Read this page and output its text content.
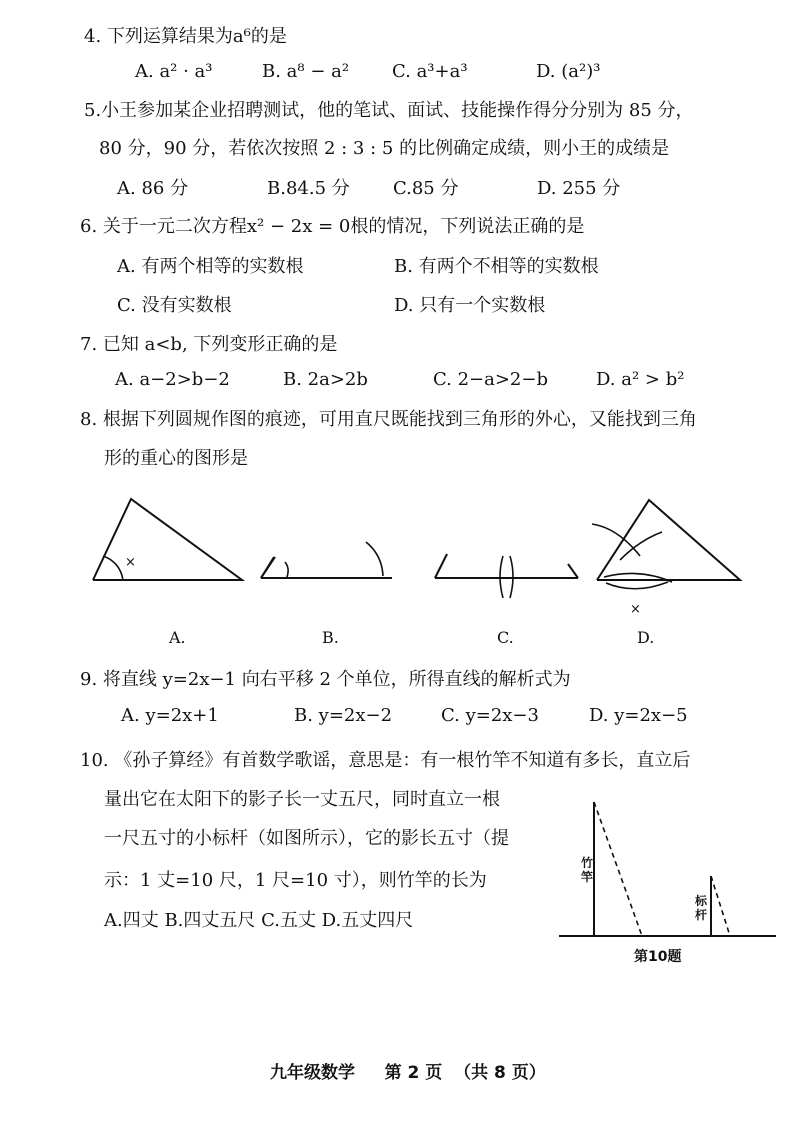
4. 下列运算结果为a⁶的是
A. a² · a³	B. a⁸ − a² C. a³+a³	D. (a²)³
5.小王参加某企业招聘测试，他的笔试、面试、技能操作得分分别为 85 分，
80 分，90 分，若依次按照 2 : 3 : 5 的比例确定成绩，则小王的成绩是
A. 86 分	B.84.5 分 C.85 分	D. 255 分
6. 关于一元二次方程x² − 2x = 0根的情况，下列说法正确的是
A. 有两个相等的实数根	B. 有两个不相等的实数根
C. 没有实数根	D. 只有一个实数根
7. 已知 a<b, 下列变形正确的是
A. a−2>b−2	B. 2a>2b	C. 2−a>2−b	D. a² > b²
8. 根据下列圆规作图的痕迹，可用直尺既能找到三角形的外心，又能找到三角
形的重心的图形是
×
×
A.	B.	C.	D.
9. 将直线 y=2x−1 向右平移 2 个单位，所得直线的解析式为
A. y=2x+1	B. y=2x−2	C. y=2x−3	D. y=2x−5
10. 《孙子算经》有首数学歌谣，意思是：有一根竹竿不知道有多长，直立后
量出它在太阳下的影子长一丈五尺，同时直立一根
一尺五寸的小标杆（如图所示），它的影长五寸（提
示：1 丈=10 尺，1 尺=10 寸），则竹竿的长为
A.四丈 B.四丈五尺 C.五丈 D.五丈四尺
竹竿
标杆
第10题
九年级数学     第 2 页  （共 8 页）
